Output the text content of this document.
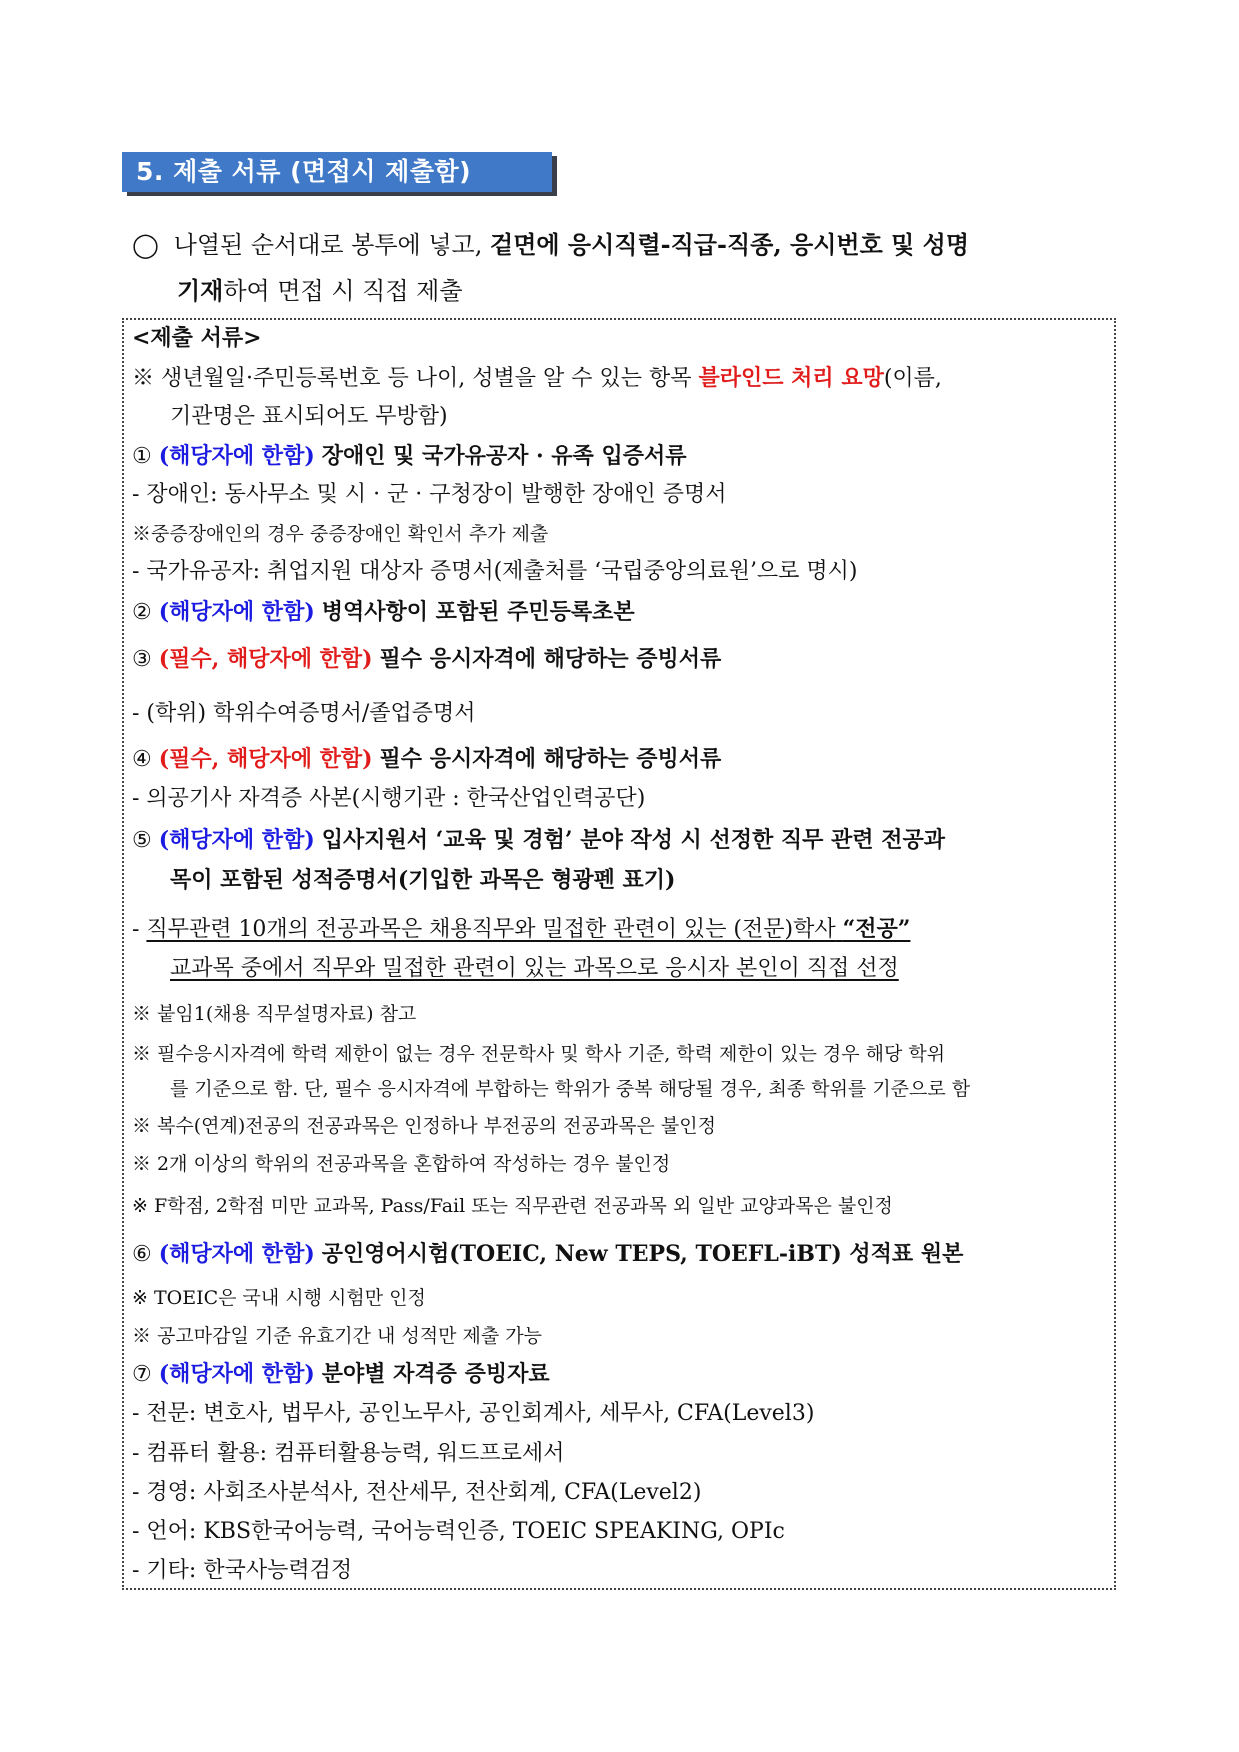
5. 제출 서류 (면접시 제출함)
◯ 나열된 순서대로 봉투에 넣고, 겉면에 응시직렬-직급-직종, 응시번호 및 성명
기재하여 면접 시 직접 제출
<제출 서류>
※ 생년월일·주민등록번호 등 나이, 성별을 알 수 있는 항목 블라인드 처리 요망(이름,
기관명은 표시되어도 무방함)
① (해당자에 한함) 장애인 및 국가유공자 · 유족 입증서류
- 장애인: 동사무소 및 시 · 군 · 구청장이 발행한 장애인 증명서
※중증장애인의 경우 중증장애인 확인서 추가 제출
- 국가유공자: 취업지원 대상자 증명서(제출처를 ‘국립중앙의료원’으로 명시)
② (해당자에 한함) 병역사항이 포함된 주민등록초본
③ (필수, 해당자에 한함) 필수 응시자격에 해당하는 증빙서류
- (학위) 학위수여증명서/졸업증명서
④ (필수, 해당자에 한함) 필수 응시자격에 해당하는 증빙서류
- 의공기사 자격증 사본(시행기관 : 한국산업인력공단)
⑤ (해당자에 한함) 입사지원서 ‘교육 및 경험’ 분야 작성 시 선정한 직무 관련 전공과
목이 포함된 성적증명서(기입한 과목은 형광펜 표기)
- 직무관련 10개의 전공과목은 채용직무와 밀접한 관련이 있는 (전문)학사 “전공”
교과목 중에서 직무와 밀접한 관련이 있는 과목으로 응시자 본인이 직접 선정
※ 붙임1(채용 직무설명자료) 참고
※ 필수응시자격에 학력 제한이 없는 경우 전문학사 및 학사 기준, 학력 제한이 있는 경우 해당 학위
를 기준으로 함. 단, 필수 응시자격에 부합하는 학위가 중복 해당될 경우, 최종 학위를 기준으로 함
※ 복수(연계)전공의 전공과목은 인정하나 부전공의 전공과목은 불인정
※ 2개 이상의 학위의 전공과목을 혼합하여 작성하는 경우 불인정
※ F학점, 2학점 미만 교과목, Pass/Fail 또는 직무관련 전공과목 외 일반 교양과목은 불인정
⑥ (해당자에 한함) 공인영어시험(TOEIC, New TEPS, TOEFL-iBT) 성적표 원본
※ TOEIC은 국내 시행 시험만 인정
※ 공고마감일 기준 유효기간 내 성적만 제출 가능
⑦ (해당자에 한함) 분야별 자격증 증빙자료
- 전문: 변호사, 법무사, 공인노무사, 공인회계사, 세무사, CFA(Level3)
- 컴퓨터 활용: 컴퓨터활용능력, 워드프로세서
- 경영: 사회조사분석사, 전산세무, 전산회계, CFA(Level2)
- 언어: KBS한국어능력, 국어능력인증, TOEIC SPEAKING, OPIc
- 기타: 한국사능력검정
